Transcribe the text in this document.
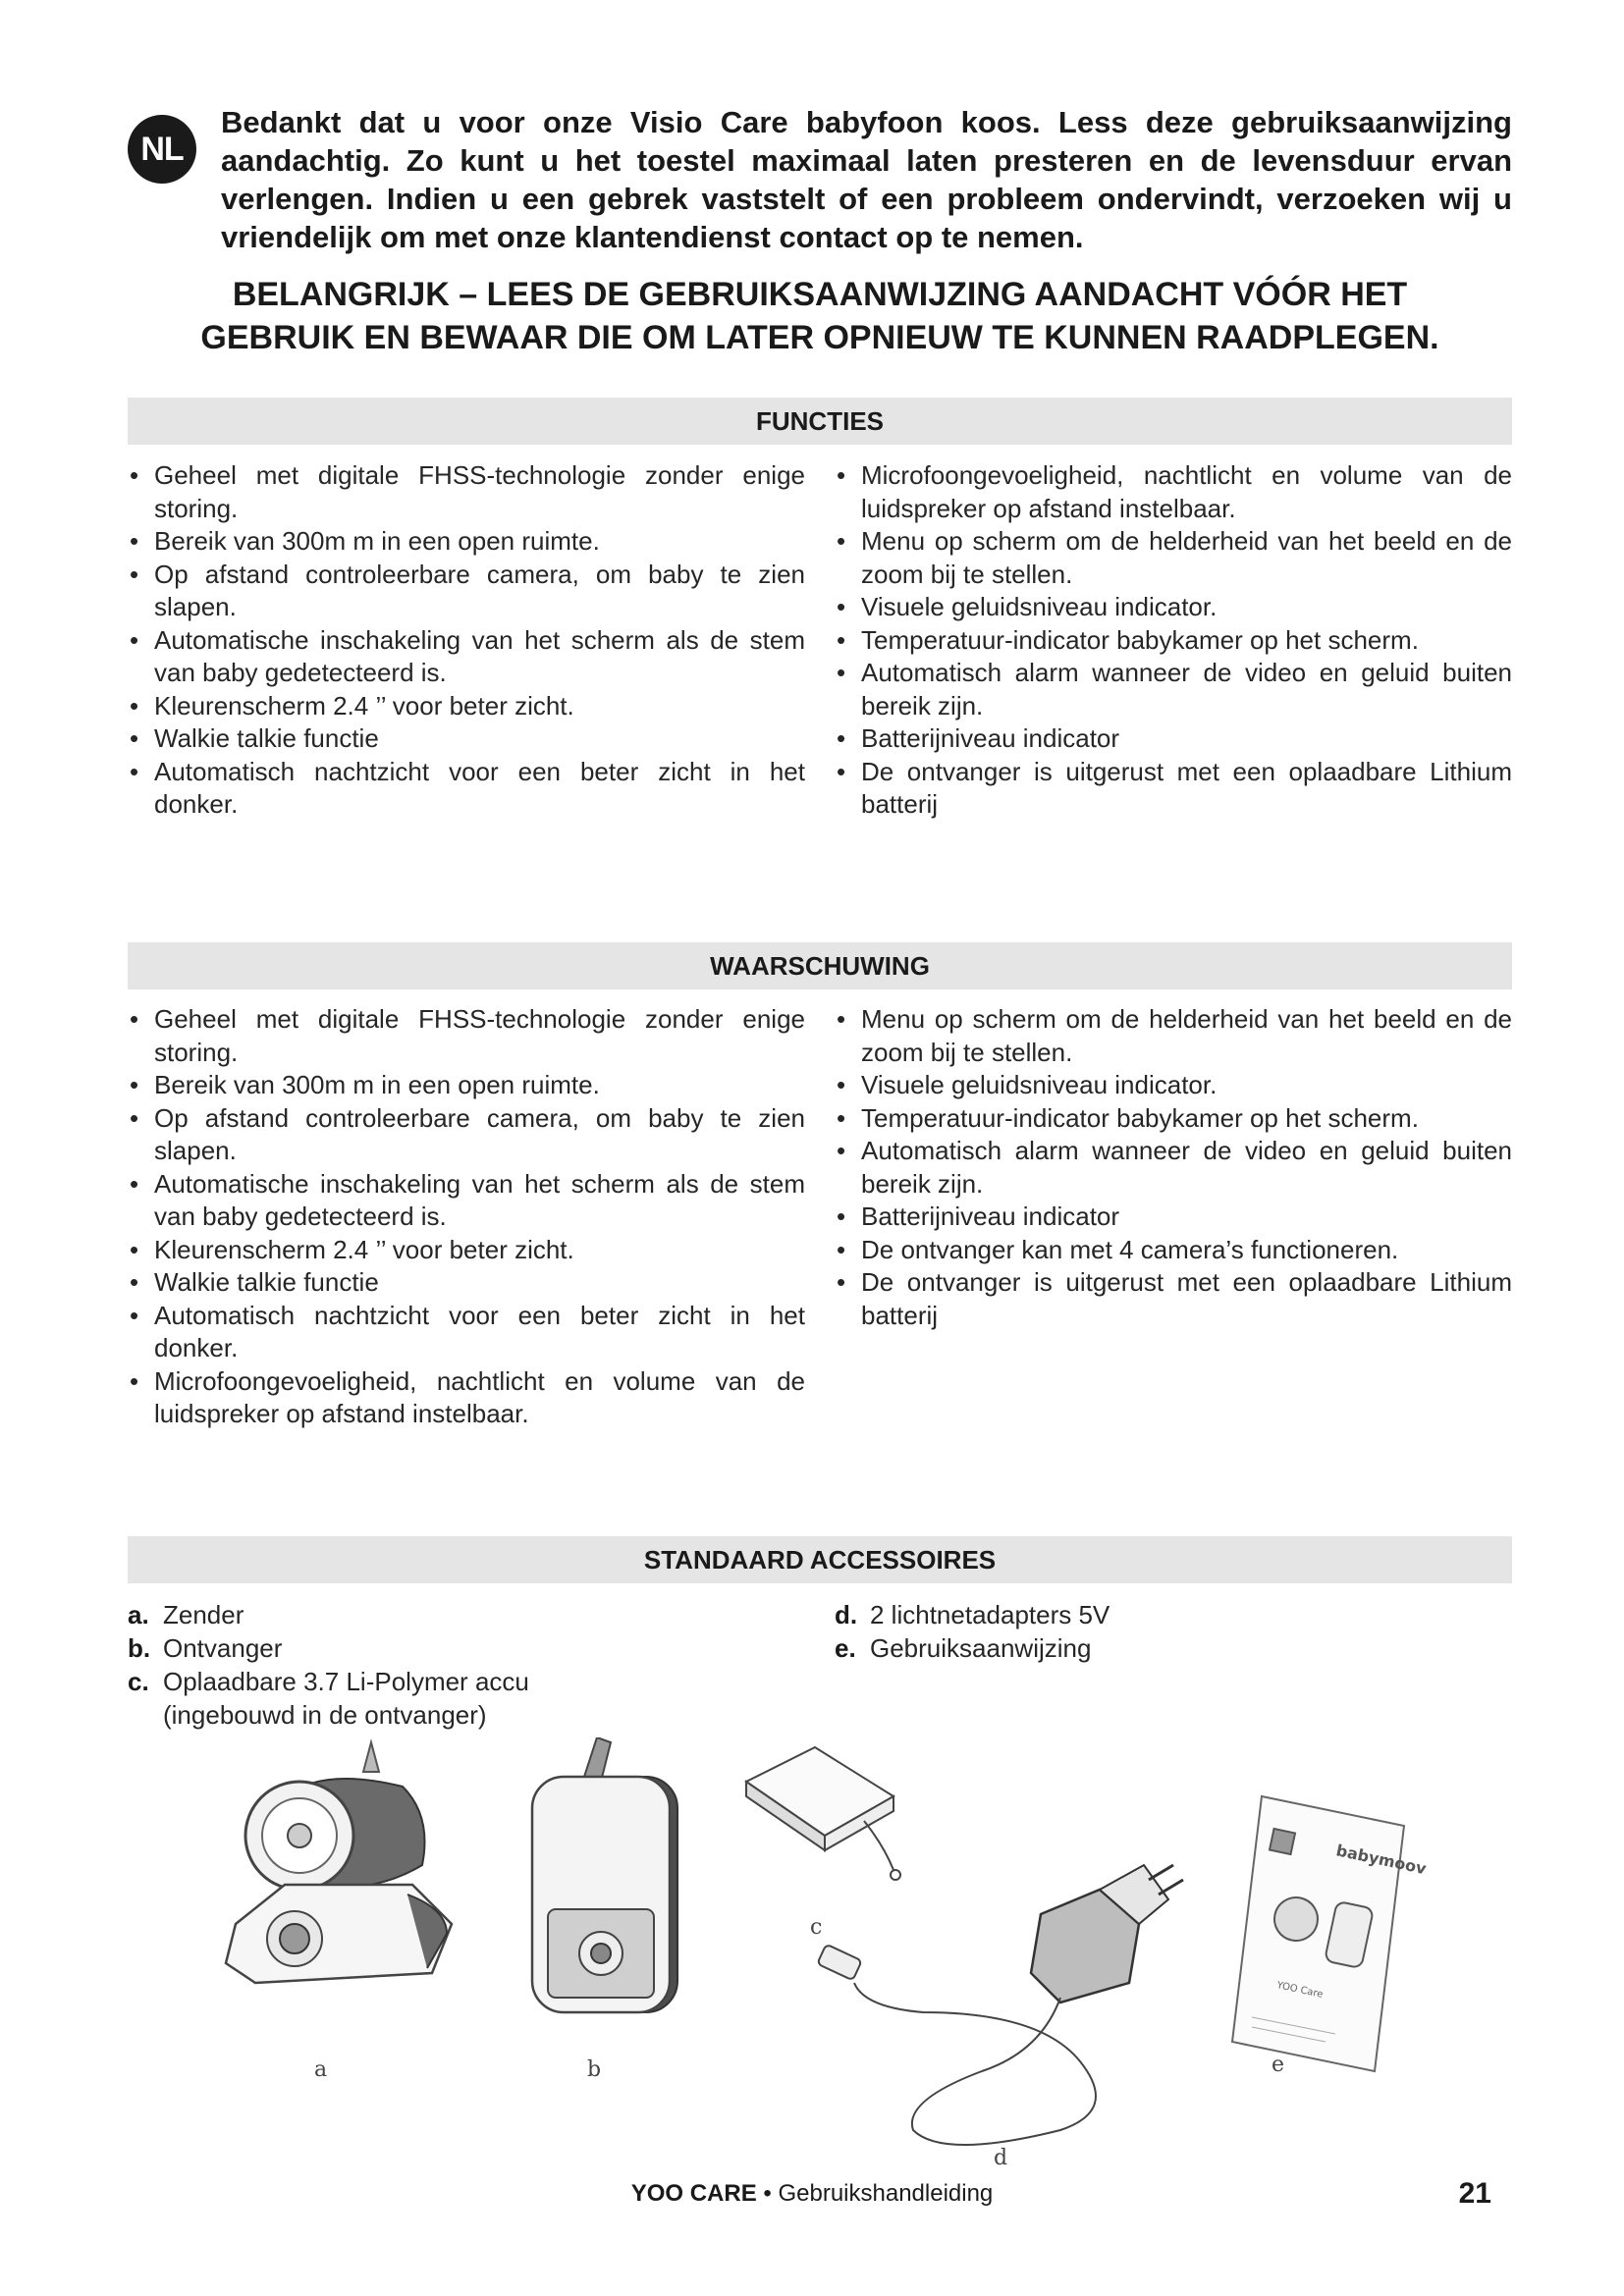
NL
Bedankt dat u voor onze Visio Care babyfoon koos. Less deze gebruiksaanwijzing aandachtig. Zo kunt u het toestel maximaal laten presteren en de levensduur ervan verlengen. Indien u een gebrek vaststelt of een probleem ondervindt, verzoeken wij u vriendelijk om met onze klantendienst contact op te nemen.
BELANGRIJK – LEES DE GEBRUIKSAANWIJZING AANDACHT VÓÓR HET
GEBRUIK EN BEWAAR DIE OM LATER OPNIEUW TE KUNNEN RAADPLEGEN.
FUNCTIES
• Geheel met digitale FHSS-technologie zonder enige storing.
• Bereik van 300m m in een open ruimte.
• Op afstand controleerbare camera, om baby te zien slapen.
• Automatische inschakeling van het scherm als de stem van baby gedetecteerd is.
• Kleurenscherm 2.4 ’’ voor beter zicht.
• Walkie talkie functie
• Automatisch nachtzicht voor een beter zicht in het donker.
• Microfoongevoeligheid, nachtlicht en volume van de luidspreker op afstand instelbaar.
• Menu op scherm om de helderheid van het beeld en de zoom bij te stellen.
• Visuele geluidsniveau indicator.
• Temperatuur-indicator babykamer op het scherm.
• Automatisch alarm wanneer de video en geluid buiten bereik zijn.
• Batterijniveau indicator
• De ontvanger is uitgerust met een oplaadbare Lithium batterij
WAARSCHUWING
• Geheel met digitale FHSS-technologie zonder enige storing.
• Bereik van 300m m in een open ruimte.
• Op afstand controleerbare camera, om baby te zien slapen.
• Automatische inschakeling van het scherm als de stem van baby gedetecteerd is.
• Kleurenscherm 2.4 ’’ voor beter zicht.
• Walkie talkie functie
• Automatisch nachtzicht voor een beter zicht in het donker.
• Microfoongevoeligheid, nachtlicht en volume van de luidspreker op afstand instelbaar.
• Menu op scherm om de helderheid van het beeld en de zoom bij te stellen.
• Visuele geluidsniveau indicator.
• Temperatuur-indicator babykamer op het scherm.
• Automatisch alarm wanneer de video en geluid buiten bereik zijn.
• Batterijniveau indicator
• De ontvanger kan met 4 camera’s functioneren.
• De ontvanger is uitgerust met een oplaadbare Lithium batterij
STANDAARD ACCESSOIRES
a. Zender
b. Ontvanger
c. Oplaadbare 3.7 Li-Polymer accu (ingebouwd in de ontvanger)
d. 2 lichtnetadapters 5V
e. Gebruiksaanwijzing
a	b
c
d
babymoov
YOO Care
e
YOO CARE • Gebruikshandleiding	21
